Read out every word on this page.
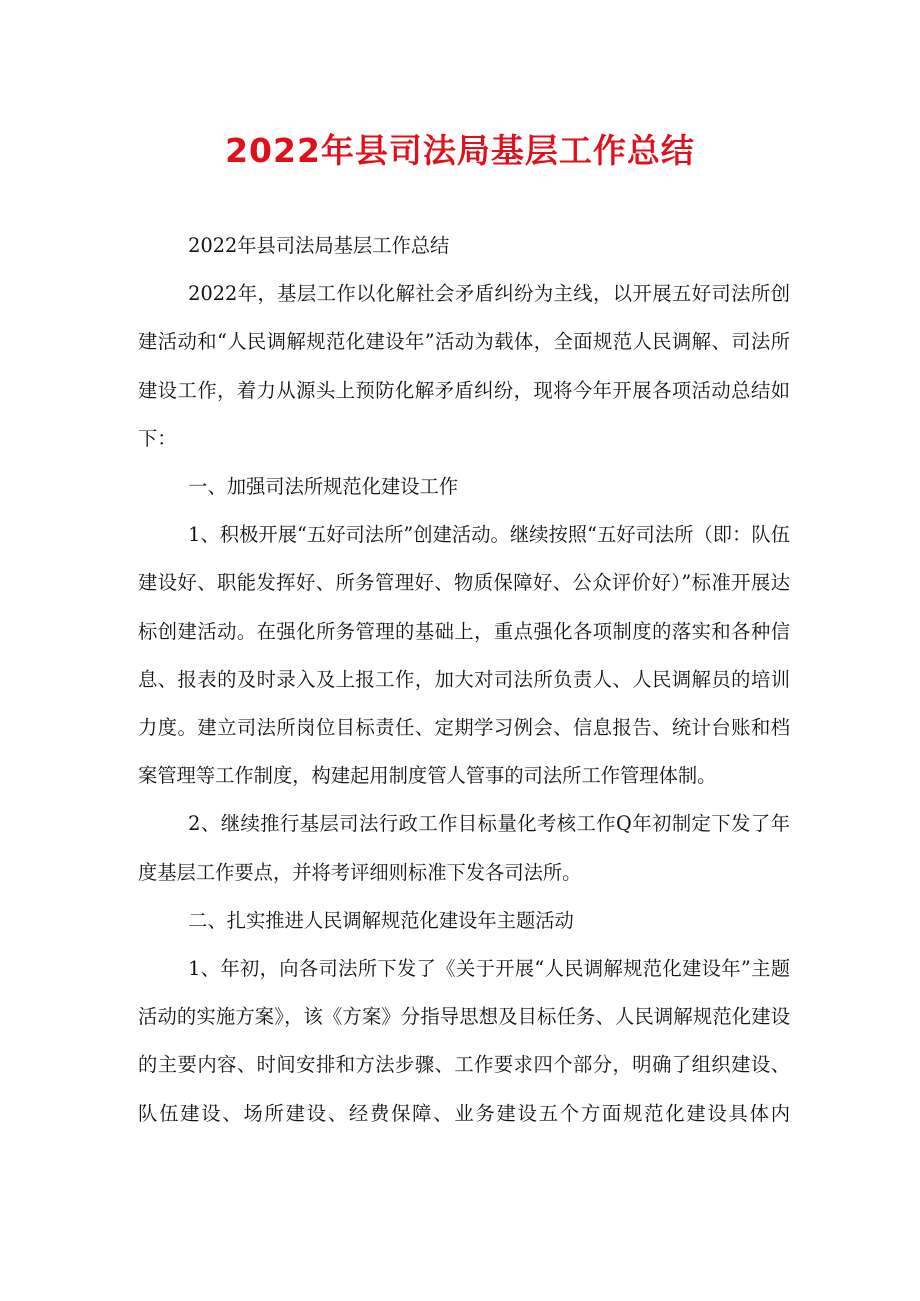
2022年县司法局基层工作总结

2022年县司法局基层工作总结

2022年，基层工作以化解社会矛盾纠纷为主线，以开展五好司法所创建活动和“人民调解规范化建设年”活动为载体，全面规范人民调解、司法所建设工作，着力从源头上预防化解矛盾纠纷，现将今年开展各项活动总结如下：

一、加强司法所规范化建设工作

1、积极开展“五好司法所”创建活动。继续按照“五好司法所（即：队伍建设好、职能发挥好、所务管理好、物质保障好、公众评价好）”标准开展达标创建活动。在强化所务管理的基础上，重点强化各项制度的落实和各种信息、报表的及时录入及上报工作，加大对司法所负责人、人民调解员的培训力度。建立司法所岗位目标责任、定期学习例会、信息报告、统计台账和档案管理等工作制度，构建起用制度管人管事的司法所工作管理体制。

2、继续推行基层司法行政工作目标量化考核工作Q年初制定下发了年度基层工作要点，并将考评细则标准下发各司法所。

二、扎实推进人民调解规范化建设年主题活动

1、年初，向各司法所下发了《关于开展“人民调解规范化建设年”主题活动的实施方案》，该《方案》分指导思想及目标任务、人民调解规范化建设的主要内容、时间安排和方法步骤、工作要求四个部分，明确了组织建设、队伍建设、场所建设、经费保障、业务建设五个方面规范化建设具体内
